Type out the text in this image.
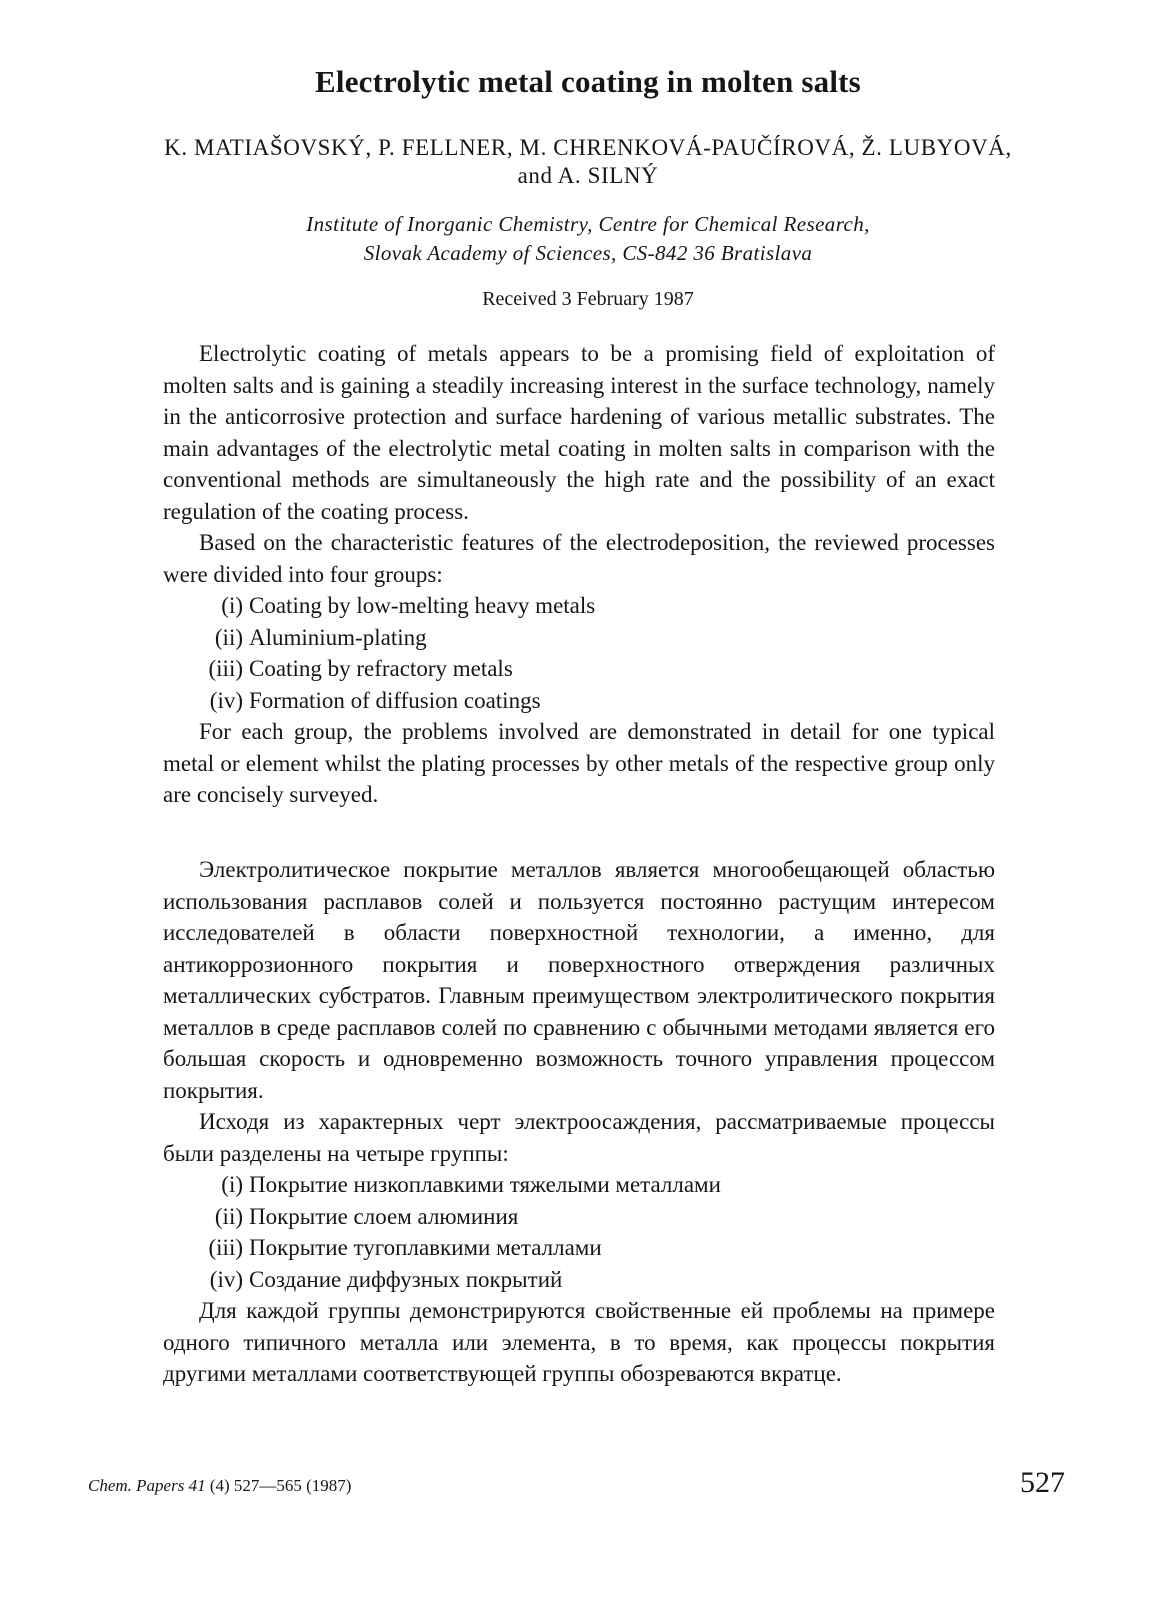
Electrolytic metal coating in molten salts
K. MATIAŠOVSKÝ, P. FELLNER, M. CHRENKOVÁ-PAUČÍROVÁ, Ž. LUBYOVÁ,
and A. SILNÝ
Institute of Inorganic Chemistry, Centre for Chemical Research,
Slovak Academy of Sciences, CS-842 36 Bratislava
Received 3 February 1987

Electrolytic coating of metals appears to be a promising field of exploitation of molten salts and is gaining a steadily increasing interest in the surface technology, namely in the anticorrosive protection and surface hardening of various metallic substrates. The main advantages of the electrolytic metal coating in molten salts in comparison with the conventional methods are simultaneously the high rate and the possibility of an exact regulation of the coating process.

Based on the characteristic features of the electrodeposition, the reviewed processes were divided into four groups:

(i) Coating by low-melting heavy metals
(ii) Aluminium-plating
(iii) Coating by refractory metals
(iv) Formation of diffusion coatings

For each group, the problems involved are demonstrated in detail for one typical metal or element whilst the plating processes by other metals of the respective group only are concisely surveyed.

Электролитическое покрытие металлов является многообещающей областью использования расплавов солей и пользуется постоянно растущим интересом исследователей в области поверхностной технологии, а именно, для антикоррозионного покрытия и поверхностного отверждения различных металлических субстратов. Главным преимуществом электролитического покрытия металлов в среде расплавов солей по сравнению с обычными методами является его большая скорость и одновременно возможность точного управления процессом покрытия.

Исходя из характерных черт электроосаждения, рассматриваемые процессы были разделены на четыре группы:

(i) Покрытие низкоплавкими тяжелыми металлами
(ii) Покрытие слоем алюминия
(iii) Покрытие тугоплавкими металлами
(iv) Создание диффузных покрытий

Для каждой группы демонстрируются свойственные ей проблемы на примере одного типичного металла или элемента, в то время, как процессы покрытия другими металлами соответствующей группы обозреваются вкратце.

Chem. Papers 41 (4) 527—565 (1987)	527
